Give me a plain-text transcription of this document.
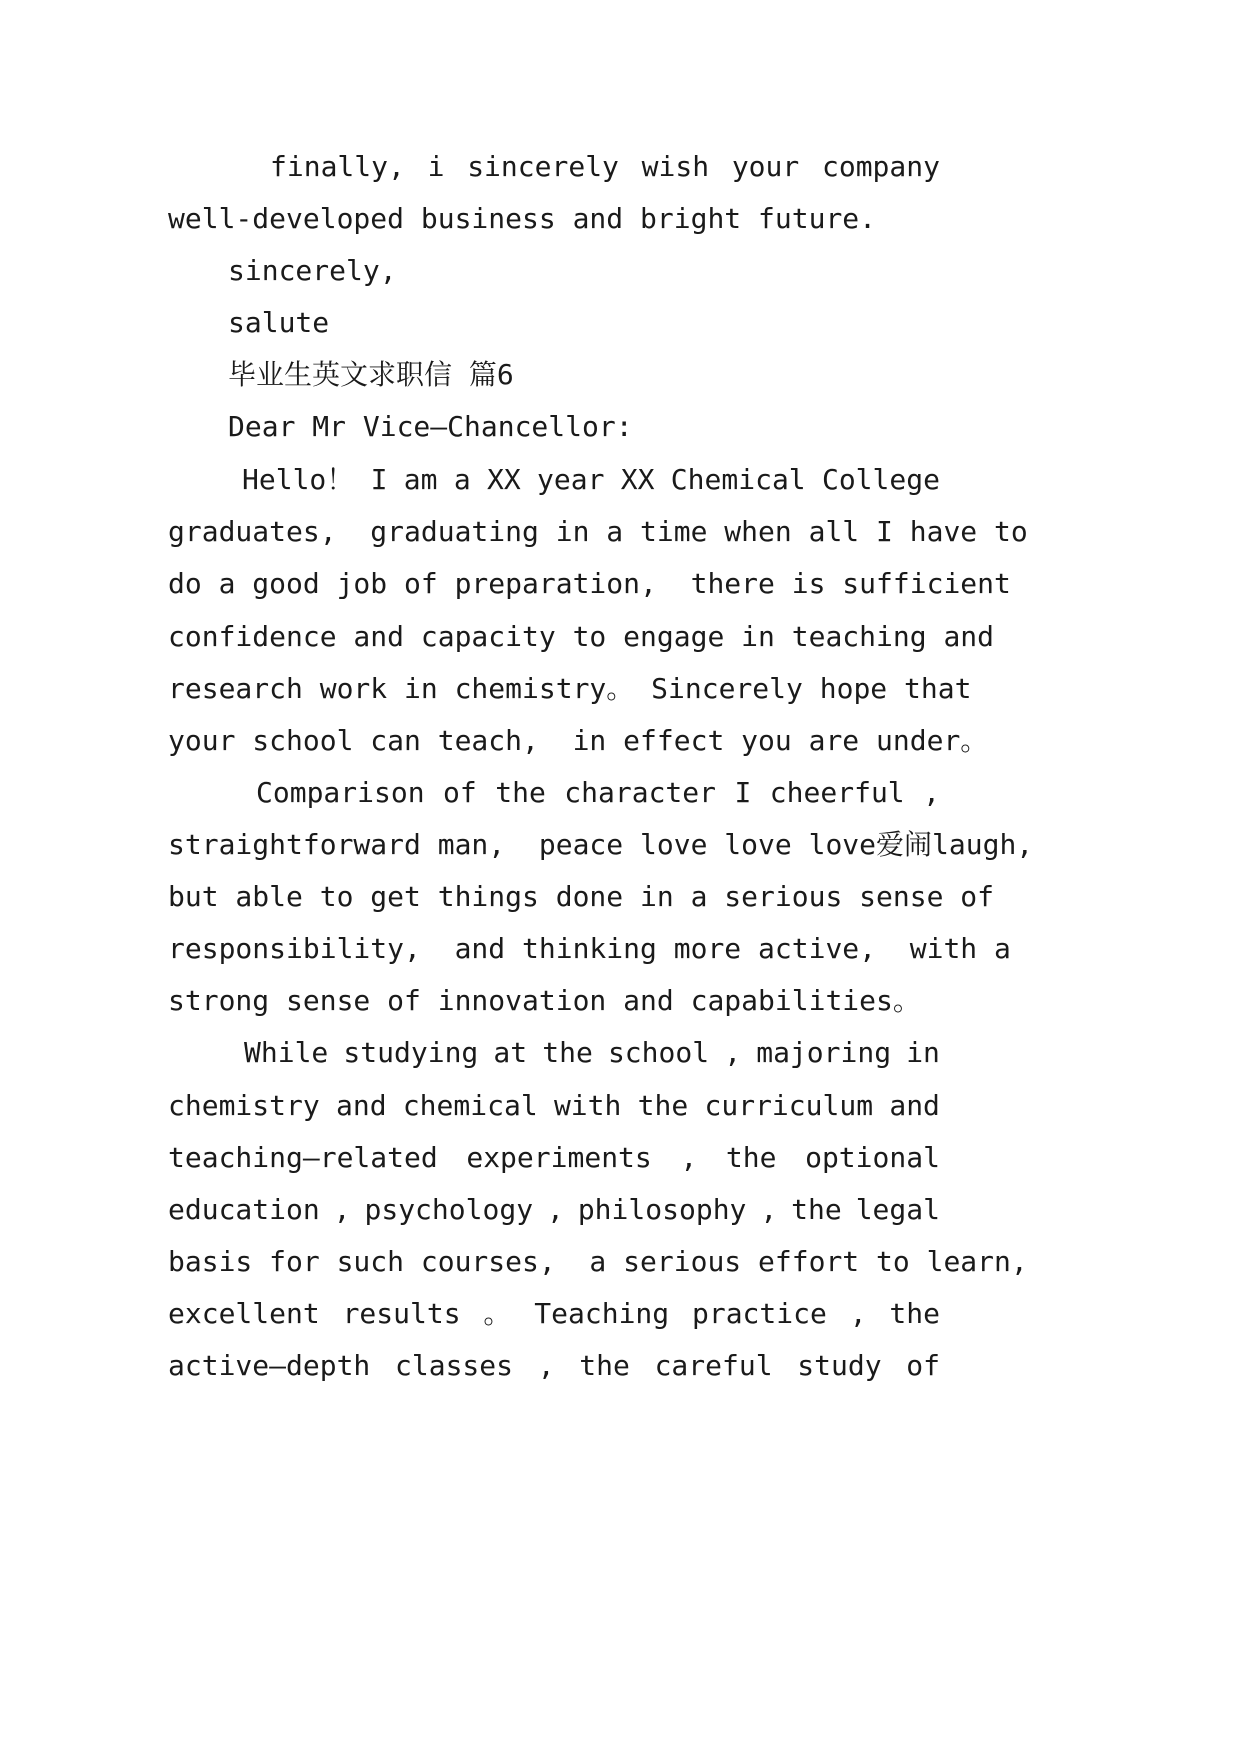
finally, i sincerely wish your company
well-developed business and bright future.
sincerely,
salute
毕业生英文求职信 篇6
Dear Mr Vice—Chancellor:
Hello！ I am a XX year XX Chemical College
graduates,  graduating in a time when all I have to
do a good job of preparation,  there is sufficient
confidence and capacity to engage in teaching and
research work in chemistry。 Sincerely hope that
your school can teach,  in effect you are under。
Comparison of the character I cheerful ,
straightforward man,  peace love love love爱闹laugh,
but able to get things done in a serious sense of
responsibility,  and thinking more active,  with a
strong sense of innovation and capabilities。
While studying at the school , majoring in
chemistry and chemical with the curriculum and
teaching—related experiments , the optional
education , psychology , philosophy , the legal
basis for such courses,  a serious effort to learn,
excellent results 。 Teaching practice , the
active—depth classes , the careful study of
